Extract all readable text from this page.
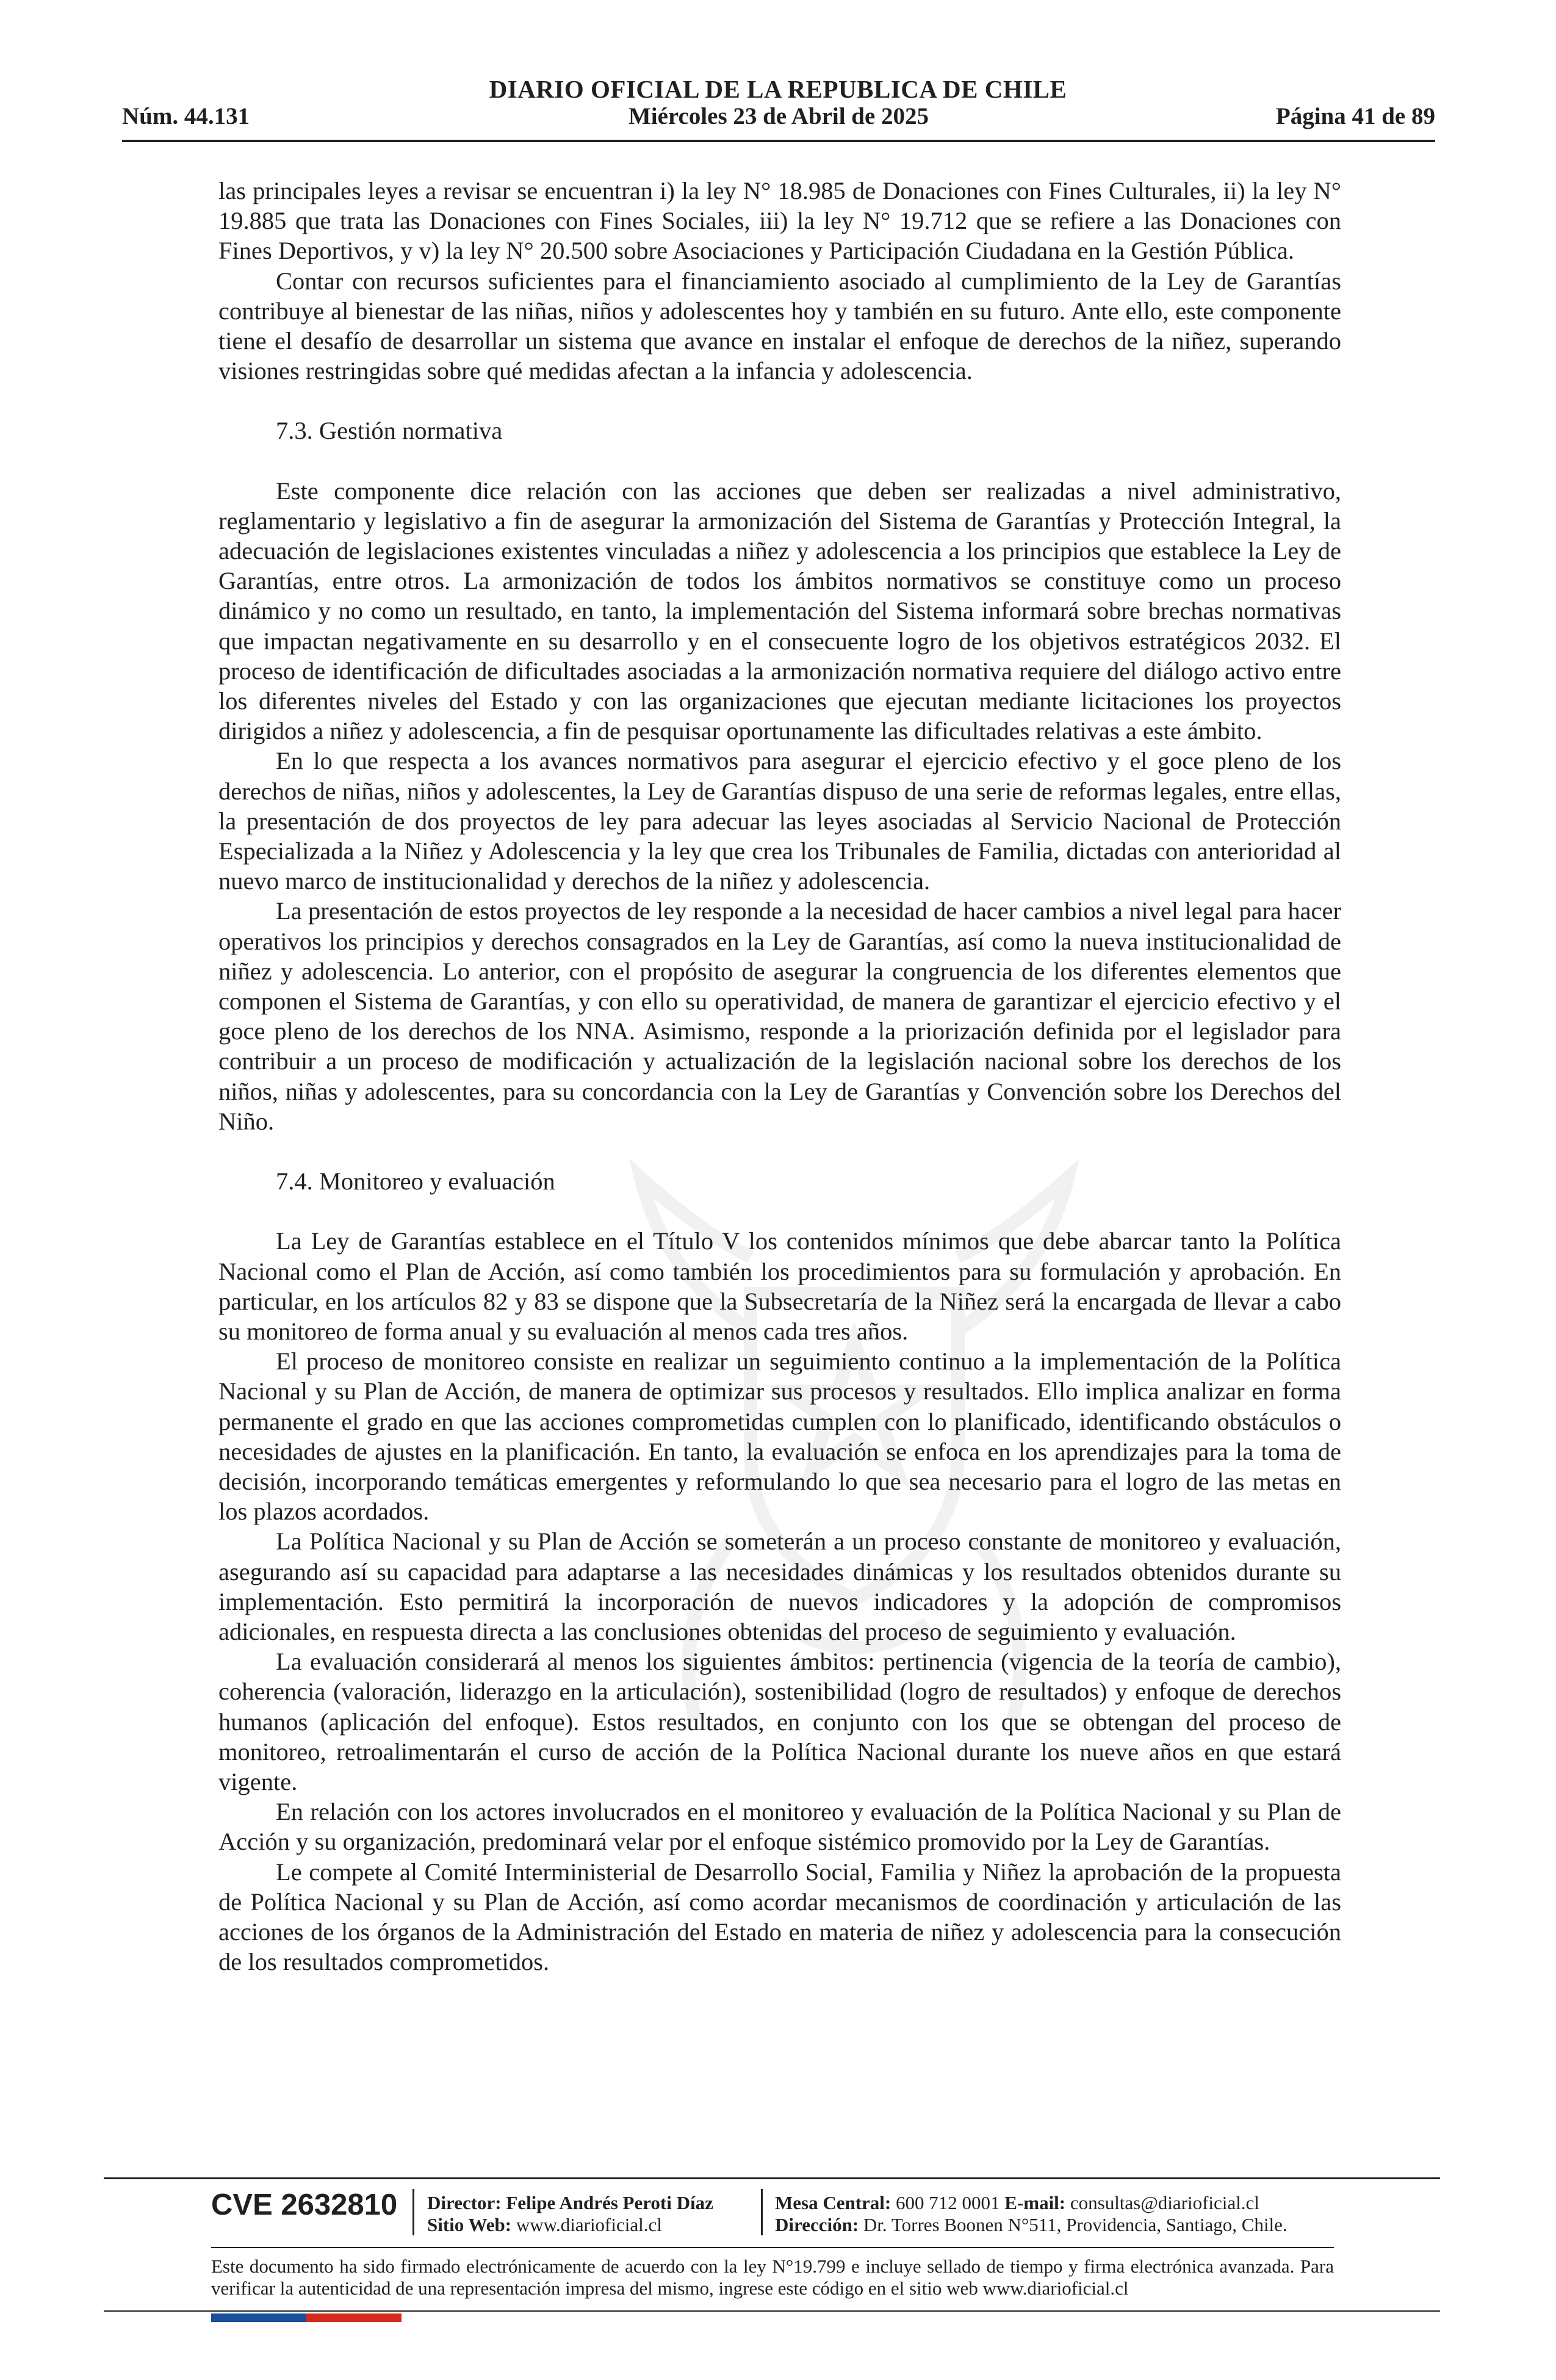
DIARIO OFICIAL DE LA REPUBLICA DE CHILE
Núm. 44.131	Miércoles 23 de Abril de 2025	Página 41 de 89

las principales leyes a revisar se encuentran i) la ley N° 18.985 de Donaciones con Fines Culturales, ii) la ley N° 19.885 que trata las Donaciones con Fines Sociales, iii) la ley N° 19.712 que se refiere a las Donaciones con Fines Deportivos, y v) la ley N° 20.500 sobre Asociaciones y Participación Ciudadana en la Gestión Pública.

Contar con recursos suficientes para el financiamiento asociado al cumplimiento de la Ley de Garantías contribuye al bienestar de las niñas, niños y adolescentes hoy y también en su futuro. Ante ello, este componente tiene el desafío de desarrollar un sistema que avance en instalar el enfoque de derechos de la niñez, superando visiones restringidas sobre qué medidas afectan a la infancia y adolescencia.

7.3. Gestión normativa

Este componente dice relación con las acciones que deben ser realizadas a nivel administrativo, reglamentario y legislativo a fin de asegurar la armonización del Sistema de Garantías y Protección Integral, la adecuación de legislaciones existentes vinculadas a niñez y adolescencia a los principios que establece la Ley de Garantías, entre otros. La armonización de todos los ámbitos normativos se constituye como un proceso dinámico y no como un resultado, en tanto, la implementación del Sistema informará sobre brechas normativas que impactan negativamente en su desarrollo y en el consecuente logro de los objetivos estratégicos 2032. El proceso de identificación de dificultades asociadas a la armonización normativa requiere del diálogo activo entre los diferentes niveles del Estado y con las organizaciones que ejecutan mediante licitaciones los proyectos dirigidos a niñez y adolescencia, a fin de pesquisar oportunamente las dificultades relativas a este ámbito.

En lo que respecta a los avances normativos para asegurar el ejercicio efectivo y el goce pleno de los derechos de niñas, niños y adolescentes, la Ley de Garantías dispuso de una serie de reformas legales, entre ellas, la presentación de dos proyectos de ley para adecuar las leyes asociadas al Servicio Nacional de Protección Especializada a la Niñez y Adolescencia y la ley que crea los Tribunales de Familia, dictadas con anterioridad al nuevo marco de institucionalidad y derechos de la niñez y adolescencia.

La presentación de estos proyectos de ley responde a la necesidad de hacer cambios a nivel legal para hacer operativos los principios y derechos consagrados en la Ley de Garantías, así como la nueva institucionalidad de niñez y adolescencia. Lo anterior, con el propósito de asegurar la congruencia de los diferentes elementos que componen el Sistema de Garantías, y con ello su operatividad, de manera de garantizar el ejercicio efectivo y el goce pleno de los derechos de los NNA. Asimismo, responde a la priorización definida por el legislador para contribuir a un proceso de modificación y actualización de la legislación nacional sobre los derechos de los niños, niñas y adolescentes, para su concordancia con la Ley de Garantías y Convención sobre los Derechos del Niño.

7.4. Monitoreo y evaluación

La Ley de Garantías establece en el Título V los contenidos mínimos que debe abarcar tanto la Política Nacional como el Plan de Acción, así como también los procedimientos para su formulación y aprobación. En particular, en los artículos 82 y 83 se dispone que la Subsecretaría de la Niñez será la encargada de llevar a cabo su monitoreo de forma anual y su evaluación al menos cada tres años.

El proceso de monitoreo consiste en realizar un seguimiento continuo a la implementación de la Política Nacional y su Plan de Acción, de manera de optimizar sus procesos y resultados. Ello implica analizar en forma permanente el grado en que las acciones comprometidas cumplen con lo planificado, identificando obstáculos o necesidades de ajustes en la planificación. En tanto, la evaluación se enfoca en los aprendizajes para la toma de decisión, incorporando temáticas emergentes y reformulando lo que sea necesario para el logro de las metas en los plazos acordados.

La Política Nacional y su Plan de Acción se someterán a un proceso constante de monitoreo y evaluación, asegurando así su capacidad para adaptarse a las necesidades dinámicas y los resultados obtenidos durante su implementación. Esto permitirá la incorporación de nuevos indicadores y la adopción de compromisos adicionales, en respuesta directa a las conclusiones obtenidas del proceso de seguimiento y evaluación.

La evaluación considerará al menos los siguientes ámbitos: pertinencia (vigencia de la teoría de cambio), coherencia (valoración, liderazgo en la articulación), sostenibilidad (logro de resultados) y enfoque de derechos humanos (aplicación del enfoque). Estos resultados, en conjunto con los que se obtengan del proceso de monitoreo, retroalimentarán el curso de acción de la Política Nacional durante los nueve años en que estará vigente.

En relación con los actores involucrados en el monitoreo y evaluación de la Política Nacional y su Plan de Acción y su organización, predominará velar por el enfoque sistémico promovido por la Ley de Garantías.

Le compete al Comité Interministerial de Desarrollo Social, Familia y Niñez la aprobación de la propuesta de Política Nacional y su Plan de Acción, así como acordar mecanismos de coordinación y articulación de las acciones de los órganos de la Administración del Estado en materia de niñez y adolescencia para la consecución de los resultados comprometidos.

CVE 2632810 Director: Felipe Andrés Peroti Díaz
Sitio Web: www.diarioficial.cl
Mesa Central: 600 712 0001 E-mail: consultas@diarioficial.cl
Dirección: Dr. Torres Boonen N°511, Providencia, Santiago, Chile.
Este documento ha sido firmado electrónicamente de acuerdo con la ley N°19.799 e incluye sellado de tiempo y firma electrónica avanzada. Para verificar la autenticidad de una representación impresa del mismo, ingrese este código en el sitio web www.diarioficial.cl
